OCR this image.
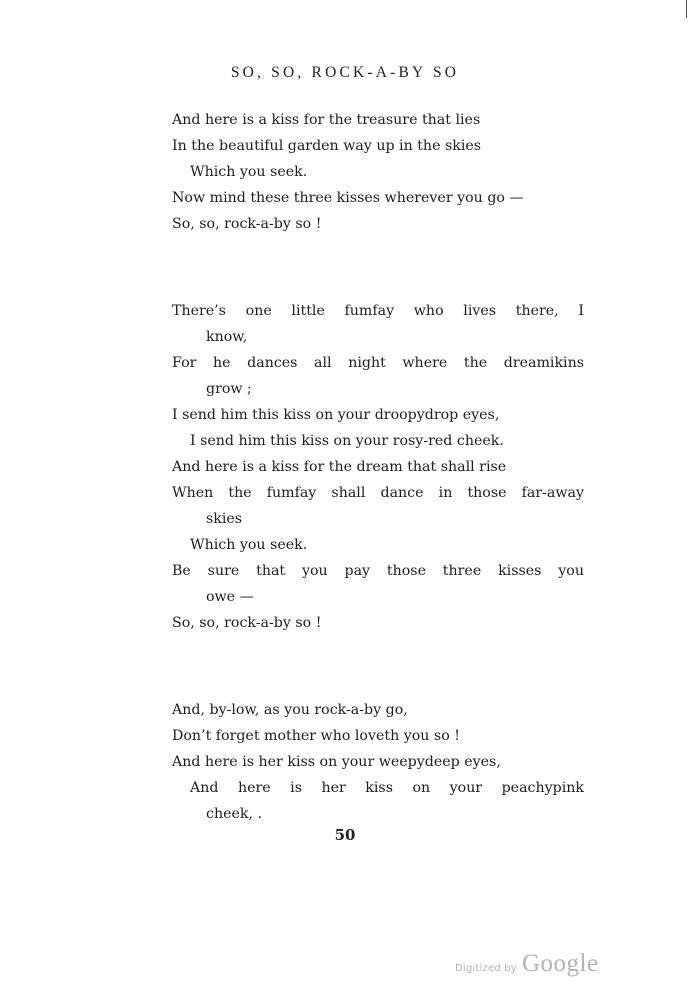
SO, SO, ROCK-A-BY SO
And here is a kiss for the treasure that lies
In the beautiful garden way up in the skies
Which you seek.
Now mind these three kisses wherever you go —
So, so, rock-a-by so !
There’s one little fumfay who lives there, I
know,
For he dances all night where the dreamikins
grow ;
I send him this kiss on your droopydrop eyes,
I send him this kiss on your rosy-red cheek.
And here is a kiss for the dream that shall rise
When the fumfay shall dance in those far-away
skies
Which you seek.
Be sure that you pay those three kisses you
owe —
So, so, rock-a-by so !
And, by-low, as you rock-a-by go,
Don’t forget mother who loveth you so !
And here is her kiss on your weepydeep eyes,
And here is her kiss on your peachypink
cheek, .
50
Digitized by Google
